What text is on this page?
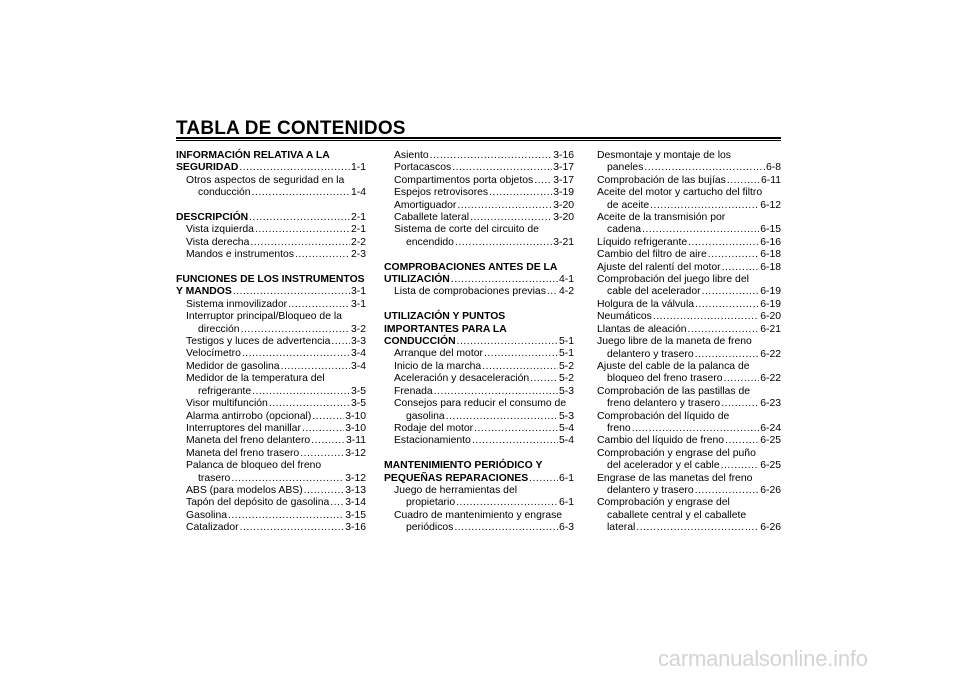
TABLA DE CONTENIDOS
INFORMACIÓN RELATIVA A LA
SEGURIDAD .....	1-1
Otros aspectos de seguridad en la
conducción .....	1-4
DESCRIPCIÓN .....	2-1
Vista izquierda .....	2-1
Vista derecha .....	2-2
Mandos e instrumentos .....	2-3
FUNCIONES DE LOS INSTRUMENTOS
Y MANDOS .....	3-1
Sistema inmovilizador .....	3-1
Interruptor principal/Bloqueo de la
dirección .....	3-2
Testigos y luces de advertencia ..... 3-3
Velocímetro .....	3-4
Medidor de gasolina .....	3-4
Medidor de la temperatura del
refrigerante .....	3-5
Visor multifunción .....	3-5
Alarma antirrobo (opcional) .....	3-10
Interruptores del manillar .....	3-10
Maneta del freno delantero .....	3-11
Maneta del freno trasero .....	3-12
Palanca de bloqueo del freno
trasero .....	3-12
ABS (para modelos ABS) .....	3-13
Tapón del depósito de gasolina ..... 3-14
Gasolina .....	3-15
Catalizador .....	3-16
Asiento .....	3-16
Portacascos .....	3-17
Compartimentos porta objetos ..... 3-17
Espejos retrovisores .....	3-19
Amortiguador .....	3-20
Caballete lateral .....	3-20
Sistema de corte del circuito de
encendido .....	3-21
COMPROBACIONES ANTES DE LA
UTILIZACIÓN .....	4-1
Lista de comprobaciones previas ..... 4-2
UTILIZACIÓN Y PUNTOS
IMPORTANTES PARA LA
CONDUCCIÓN .....	5-1
Arranque del motor .....	5-1
Inicio de la marcha .....	5-2
Aceleración y desaceleración .....	5-2
Frenada .....	5-3
Consejos para reducir el consumo de
gasolina .....	5-3
Rodaje del motor .....	5-4
Estacionamiento .....	5-4
MANTENIMIENTO PERIÓDICO Y
PEQUEÑAS REPARACIONES .....	6-1
Juego de herramientas del
propietario .....	6-1
Cuadro de mantenimiento y engrase
periódicos .....	6-3
Desmontaje y montaje de los
paneles .....	6-8
Comprobación de las bujías .....	6-11
Aceite del motor y cartucho del filtro
de aceite .....	6-12
Aceite de la transmisión por
cadena .....	6-15
Líquido refrigerante .....	6-16
Cambio del filtro de aire .....	6-18
Ajuste del ralentí del motor .....	6-18
Comprobación del juego libre del
cable del acelerador .....	6-19
Holgura de la válvula .....	6-19
Neumáticos .....	6-20
Llantas de aleación .....	6-21
Juego libre de la maneta de freno
delantero y trasero .....	6-22
Ajuste del cable de la palanca de
bloqueo del freno trasero .....	6-22
Comprobación de las pastillas de
freno delantero y trasero .....	6-23
Comprobación del líquido de
freno .....	6-24
Cambio del líquido de freno .....	6-25
Comprobación y engrase del puño
del acelerador y el cable .....	6-25
Engrase de las manetas del freno
delantero y trasero .....	6-26
Comprobación y engrase del
caballete central y el caballete
lateral .....	6-26
carmanualsonline.info
